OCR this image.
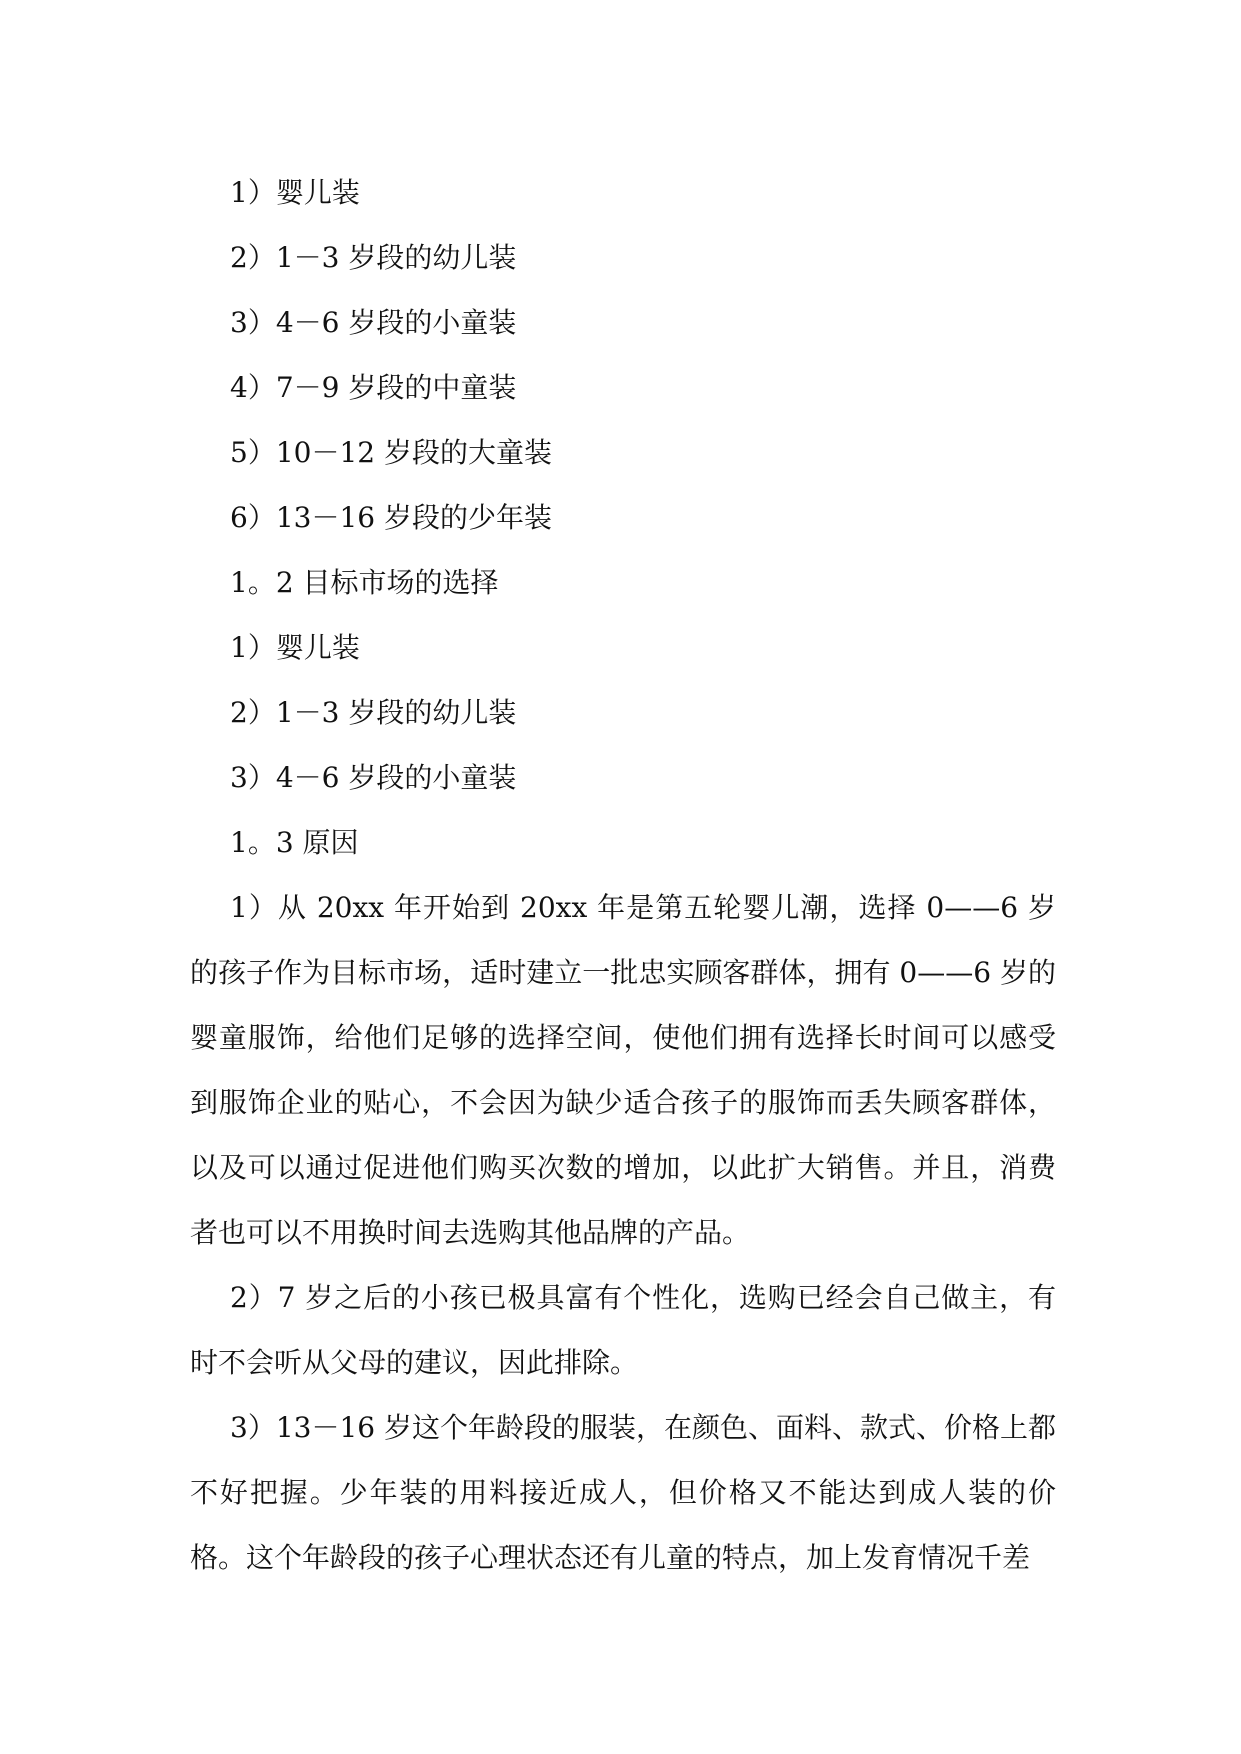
1）婴儿装
2）1－3 岁段的幼儿装
3）4－6 岁段的小童装
4）7－9 岁段的中童装
5）10－12 岁段的大童装
6）13－16 岁段的少年装
1。2 目标市场的选择
1）婴儿装
2）1－3 岁段的幼儿装
3）4－6 岁段的小童装
1。3 原因

1）从 20xx 年开始到 20xx 年是第五轮婴儿潮，选择 0——6 岁的孩子作为目标市场，适时建立一批忠实顾客群体，拥有 0——6 岁的婴童服饰，给他们足够的选择空间，使他们拥有选择长时间可以感受到服饰企业的贴心，不会因为缺少适合孩子的服饰而丢失顾客群体，以及可以通过促进他们购买次数的增加，以此扩大销售。并且，消费者也可以不用换时间去选购其他品牌的产品。

2）7 岁之后的小孩已极具富有个性化，选购已经会自己做主，有时不会听从父母的建议，因此排除。

3）13－16 岁这个年龄段的服装，在颜色、面料、款式、价格上都不好把握。少年装的用料接近成人，但价格又不能达到成人装的价格。这个年龄段的孩子心理状态还有儿童的特点，加上发育情况千差
